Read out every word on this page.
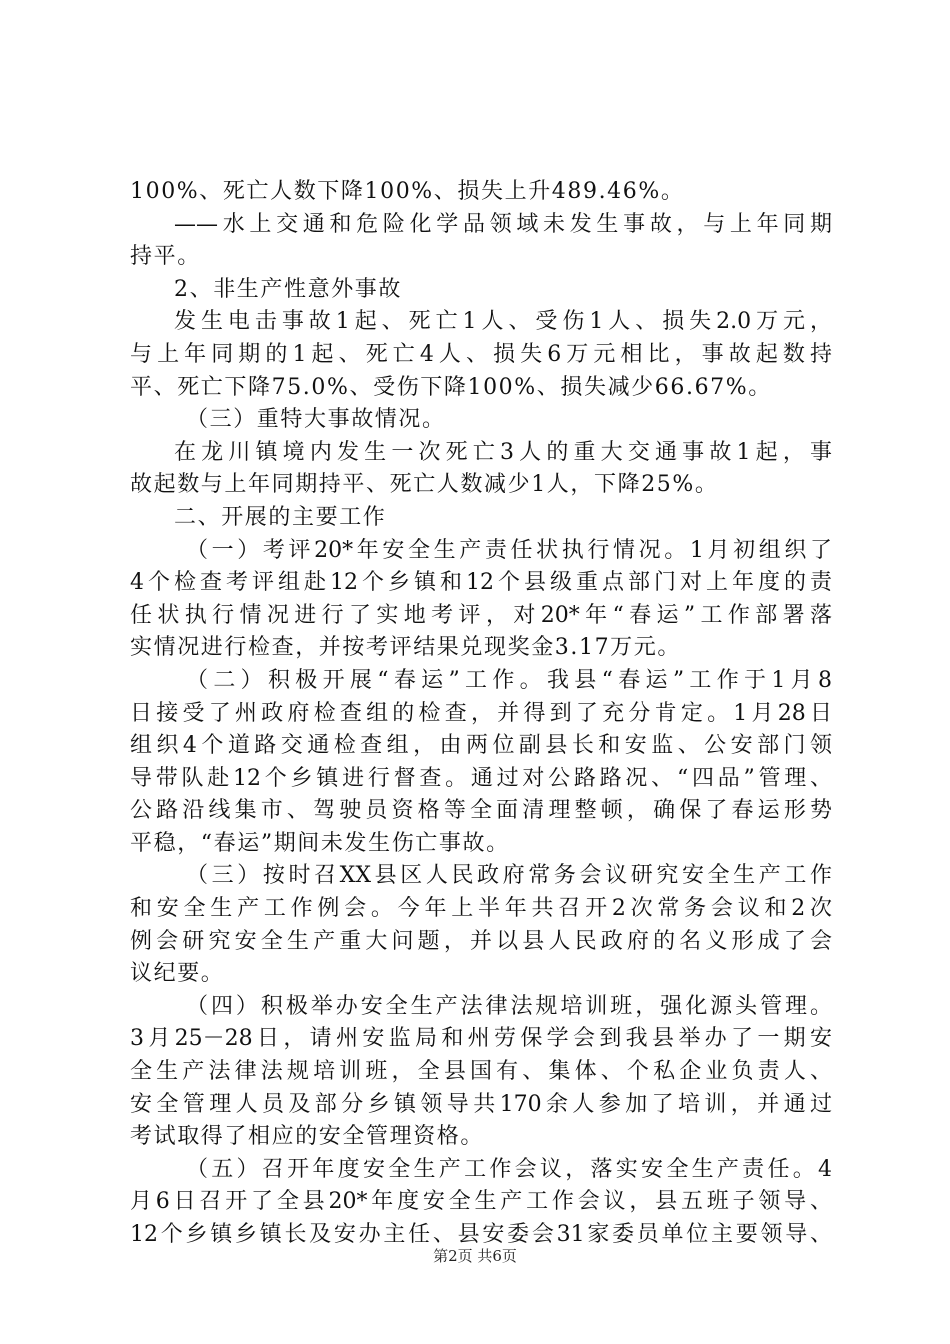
100%、死亡人数下降100%、损失上升489.46%。
——水上交通和危险化学品领域未发生事故，与上年同期
持平。
2、非生产性意外事故
发生电击事故1起、死亡1人、受伤1人、损失2.0万元，
与上年同期的1起、死亡4人、损失6万元相比，事故起数持
平、死亡下降75.0%、受伤下降100%、损失减少66.67%。
（三）重特大事故情况。
在龙川镇境内发生一次死亡3人的重大交通事故1起，事
故起数与上年同期持平、死亡人数减少1人，下降25%。
二、开展的主要工作
（一）考评20*年安全生产责任状执行情况。1月初组织了
4个检查考评组赴12个乡镇和12个县级重点部门对上年度的责
任状执行情况进行了实地考评，对20*年“春运”工作部署落
实情况进行检查，并按考评结果兑现奖金3.17万元。
（二）积极开展“春运”工作。我县“春运”工作于1月8
日接受了州政府检查组的检查，并得到了充分肯定。1月28日
组织4个道路交通检查组，由两位副县长和安监、公安部门领
导带队赴12个乡镇进行督查。通过对公路路况、“四品”管理、
公路沿线集市、驾驶员资格等全面清理整顿，确保了春运形势
平稳，“春运”期间未发生伤亡事故。
（三）按时召XX县区人民政府常务会议研究安全生产工作
和安全生产工作例会。今年上半年共召开2次常务会议和2次
例会研究安全生产重大问题，并以县人民政府的名义形成了会
议纪要。
（四）积极举办安全生产法律法规培训班，强化源头管理。
3月25－28日，请州安监局和州劳保学会到我县举办了一期安
全生产法律法规培训班，全县国有、集体、个私企业负责人、
安全管理人员及部分乡镇领导共170余人参加了培训，并通过
考试取得了相应的安全管理资格。
（五）召开年度安全生产工作会议，落实安全生产责任。4
月6日召开了全县20*年度安全生产工作会议，县五班子领导、
12个乡镇乡镇长及安办主任、县安委会31家委员单位主要领导、
第2页 共6页
